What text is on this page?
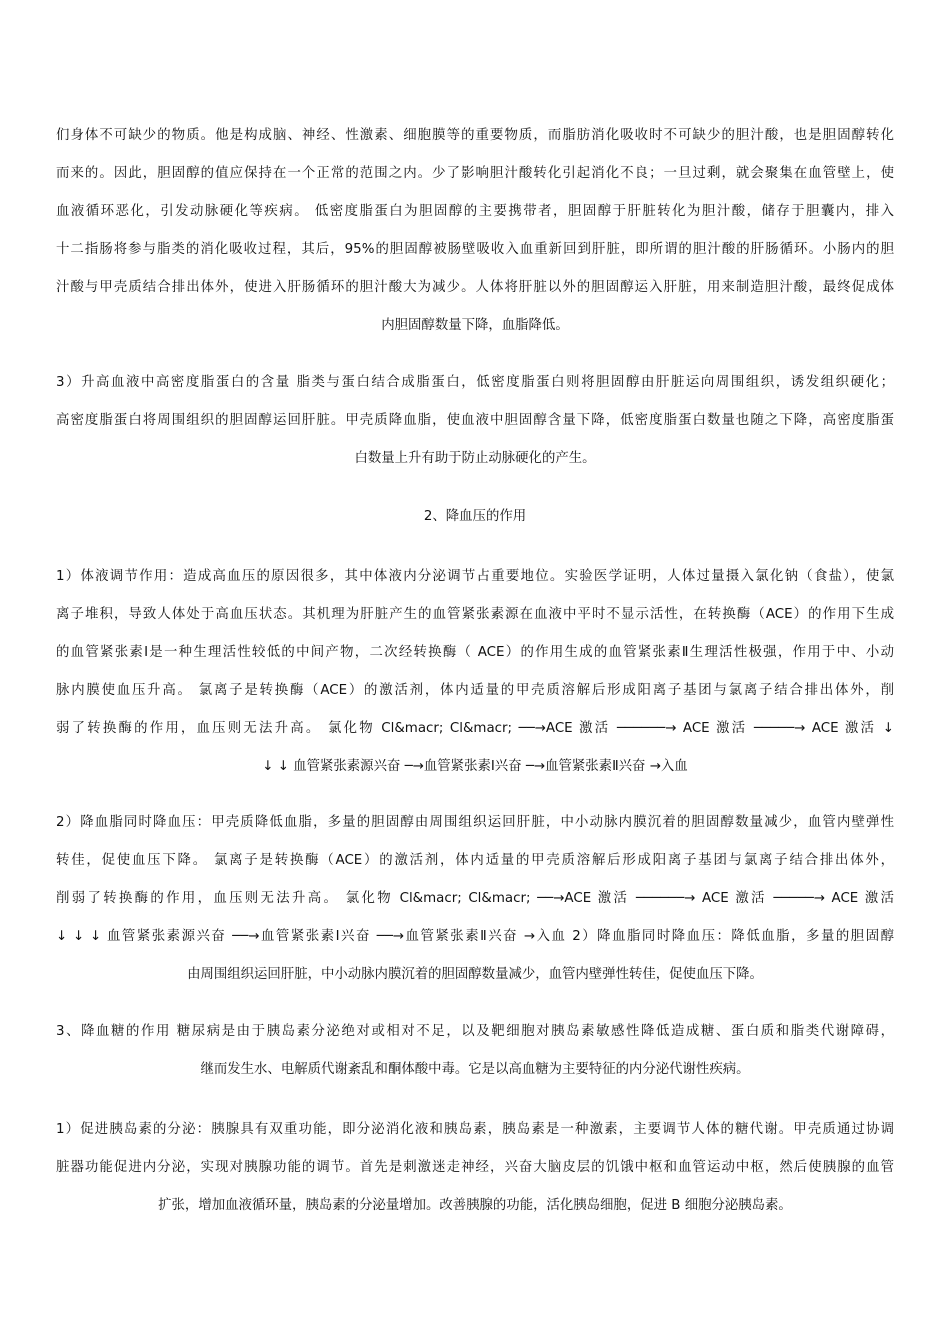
们身体不可缺少的物质。他是构成脑、神经、性激素、细胞膜等的重要物质，而脂肪消化吸收时不可缺少的胆汁酸，也是胆固醇转化
而来的。因此，胆固醇的值应保持在一个正常的范围之内。少了影响胆汁酸转化引起消化不良；一旦过剩，就会聚集在血管壁上，使
血液循环恶化，引发动脉硬化等疾病。 低密度脂蛋白为胆固醇的主要携带者，胆固醇于肝脏转化为胆汁酸，储存于胆囊内，排入
十二指肠将参与脂类的消化吸收过程，其后，95%的胆固醇被肠壁吸收入血重新回到肝脏，即所谓的胆汁酸的肝肠循环。小肠内的胆
汁酸与甲壳质结合排出体外，使进入肝肠循环的胆汁酸大为减少。人体将肝脏以外的胆固醇运入肝脏，用来制造胆汁酸，最终促成体
内胆固醇数量下降，血脂降低。
3）升高血液中高密度脂蛋白的含量 脂类与蛋白结合成脂蛋白，低密度脂蛋白则将胆固醇由肝脏运向周围组织，诱发组织硬化；
高密度脂蛋白将周围组织的胆固醇运回肝脏。甲壳质降血脂，使血液中胆固醇含量下降，低密度脂蛋白数量也随之下降，高密度脂蛋
白数量上升有助于防止动脉硬化的产生。
2、降血压的作用
1）体液调节作用：造成高血压的原因很多，其中体液内分泌调节占重要地位。实验医学证明，人体过量摄入氯化钠（食盐），使氯
离子堆积，导致人体处于高血压状态。其机理为肝脏产生的血管紧张素源在血液中平时不显示活性，在转换酶（ACE）的作用下生成
的血管紧张素Ⅰ是一种生理活性较低的中间产物，二次经转换酶（ ACE）的作用生成的血管紧张素Ⅱ生理活性极强，作用于中、小动
脉内膜使血压升高。 氯离子是转换酶（ACE）的激活剂，体内适量的甲壳质溶解后形成阳离子基团与氯离子结合排出体外，削
弱了转换酶的作用，血压则无法升高。 氯化物 Cl&macr; Cl&macr; ──→ACE 激活 ──────→ ACE 激活 ─────→ ACE 激活 ↓
↓ ↓ 血管紧张素源兴奋 ─→血管紧张素Ⅰ兴奋 ─→血管紧张素Ⅱ兴奋 →入血
2）降血脂同时降血压：甲壳质降低血脂，多量的胆固醇由周围组织运回肝脏，中小动脉内膜沉着的胆固醇数量减少，血管内壁弹性
转佳，促使血压下降。 氯离子是转换酶（ACE）的激活剂，体内适量的甲壳质溶解后形成阳离子基团与氯离子结合排出体外，
削弱了转换酶的作用，血压则无法升高。 氯化物 Cl&macr; Cl&macr; ──→ACE 激活 ──────→ ACE 激活 ─────→ ACE 激活
↓ ↓ ↓ 血管紧张素源兴奋 ──→血管紧张素Ⅰ兴奋 ──→血管紧张素Ⅱ兴奋 →入血 2）降血脂同时降血压：降低血脂，多量的胆固醇
由周围组织运回肝脏，中小动脉内膜沉着的胆固醇数量减少，血管内壁弹性转佳，促使血压下降。
3、降血糖的作用 糖尿病是由于胰岛素分泌绝对或相对不足，以及靶细胞对胰岛素敏感性降低造成糖、蛋白质和脂类代谢障碍，
继而发生水、电解质代谢紊乱和酮体酸中毒。它是以高血糖为主要特征的内分泌代谢性疾病。
1）促进胰岛素的分泌：胰腺具有双重功能，即分泌消化液和胰岛素，胰岛素是一种激素，主要调节人体的糖代谢。甲壳质通过协调
脏器功能促进内分泌，实现对胰腺功能的调节。首先是刺激迷走神经，兴奋大脑皮层的饥饿中枢和血管运动中枢，然后使胰腺的血管
扩张，增加血液循环量，胰岛素的分泌量增加。改善胰腺的功能，活化胰岛细胞，促进 B 细胞分泌胰岛素。
